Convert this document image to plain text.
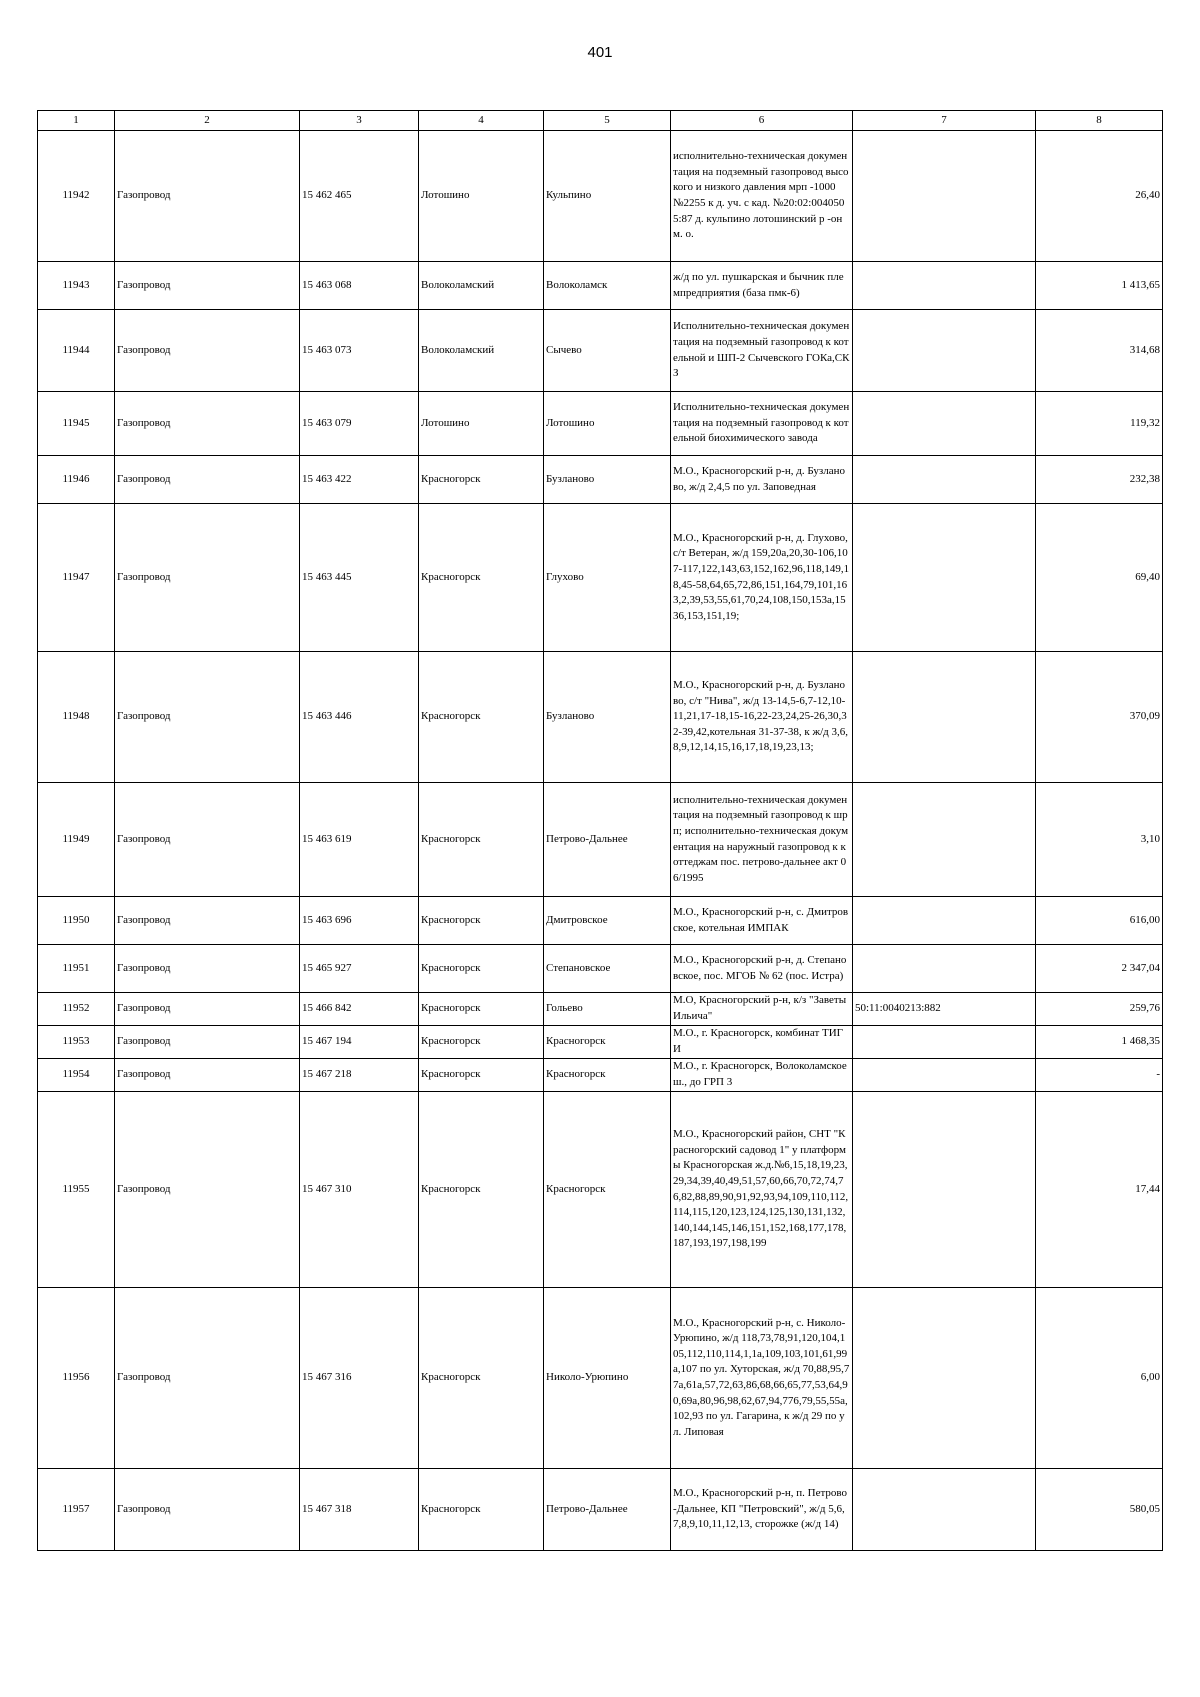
401
1	2	3	4	5	6	7	8
11942	Газопровод	15 462 465	Лотошино	Кульпино	исполнительно-техническая документация на подземный газопровод высокого и низкого давления мрп -1000 №2255 к д. уч. с кад. №20:02:0040505:87 д. кульпино лотошинский р -он м. о.		26,40
11943	Газопровод	15 463 068	Волоколамский	Волоколамск	ж/д по ул. пушкарская и бычник племпредприятия (база пмк-6)		1 413,65
11944	Газопровод	15 463 073	Волоколамский	Сычево	Исполнительно-техническая документация на подземный газопровод к котельной и ШП-2 Сычевского ГОКа,СКЗ		314,68
11945	Газопровод	15 463 079	Лотошино	Лотошино	Исполнительно-техническая документация на подземный газопровод к котельной биохимического завода		119,32
11946	Газопровод	15 463 422	Красногорск	Бузланово	М.О., Красногорский р-н, д. Бузланово, ж/д 2,4,5 по ул. Заповедная		232,38
11947	Газопровод	15 463 445	Красногорск	Глухово	М.О., Красногорский р-н, д. Глухово, с/т Ветеран, ж/д 159,20а,20,30-106,107-117,122,143,63,152,162,96,118,149,18,45-58,64,65,72,86,151,164,79,101,163,2,39,53,55,61,70,24,108,150,153а,1536,153,151,19;		69,40
11948	Газопровод	15 463 446	Красногорск	Бузланово	М.О., Красногорский р-н, д. Бузланово, с/т "Нива", ж/д 13-14,5-6,7-12,10-11,21,17-18,15-16,22-23,24,25-26,30,32-39,42,котельная 31-37-38, к ж/д 3,6,8,9,12,14,15,16,17,18,19,23,13;		370,09
11949	Газопровод	15 463 619	Красногорск	Петрово-Дальнее	исполнительно-техническая документация на подземный газопровод к шрп; исполнительно-техническая документация на наружный газопровод к коттеджам пос. петрово-дальнее акт 06/1995		3,10
11950	Газопровод	15 463 696	Красногорск	Дмитровское	М.О., Красногорский р-н, с. Дмитровское, котельная ИМПАК		616,00
11951	Газопровод	15 465 927	Красногорск	Степановское	М.О., Красногорский р-н, д. Степановское, пос. МГОБ № 62 (пос. Истра)		2 347,04
11952	Газопровод	15 466 842	Красногорск	Гольево	М.О, Красногорский р-н, к/з "Заветы Ильича"	50:11:0040213:882	259,76
11953	Газопровод	15 467 194	Красногорск	Красногорск	М.О., г. Красногорск, комбинат ТИГИ		1 468,35
11954	Газопровод	15 467 218	Красногорск	Красногорск	М.О., г. Красногорск, Волоколамское ш., до ГРП 3		-
11955	Газопровод	15 467 310	Красногорск	Красногорск	М.О., Красногорский район, СНТ "Красногорский садовод 1" у платформы Красногорская ж.д.№6,15,18,19,23,29,34,39,40,49,51,57,60,66,70,72,74,76,82,88,89,90,91,92,93,94,109,110,112,114,115,120,123,124,125,130,131,132,140,144,145,146,151,152,168,177,178,187,193,197,198,199		17,44
11956	Газопровод	15 467 316	Красногорск	Николо-Урюпино	М.О., Красногорский р-н, с. Николо-Урюпино, ж/д 118,73,78,91,120,104,105,112,110,114,1,1а,109,103,101,61,99а,107 по ул. Хуторская, ж/д 70,88,95,77а,61а,57,72,63,86,68,66,65,77,53,64,90,69а,80,96,98,62,67,94,776,79,55,55а,102,93 по ул. Гагарина, к ж/д 29 по ул. Липовая		6,00
11957	Газопровод	15 467 318	Красногорск	Петрово-Дальнее	М.О., Красногорский р-н, п. Петрово-Дальнее, КП "Петровский", ж/д 5,6,7,8,9,10,11,12,13, сторожке (ж/д 14)		580,05
